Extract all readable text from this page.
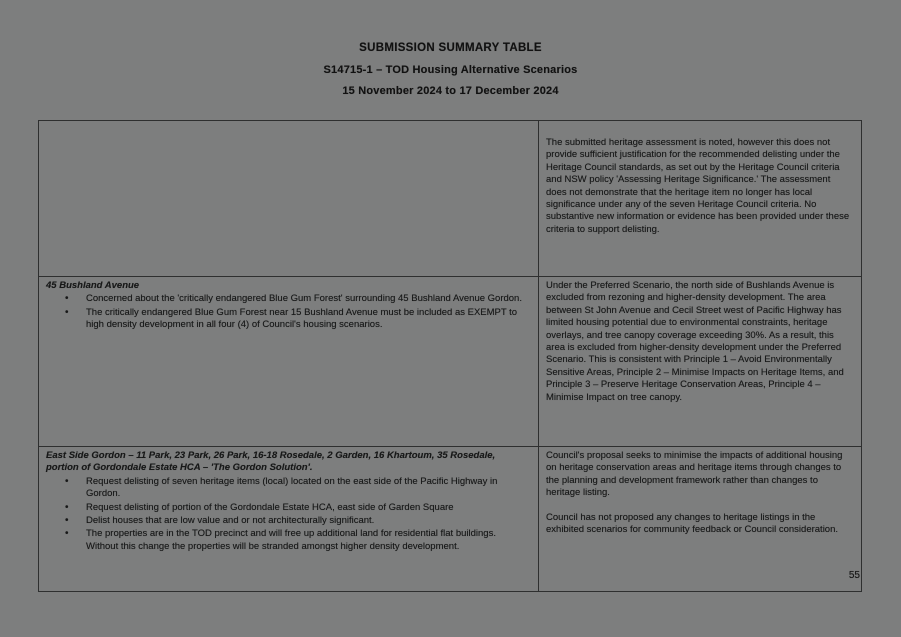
SUBMISSION SUMMARY TABLE
S14715-1 – TOD Housing Alternative Scenarios
15 November 2024 to 17 December 2024

The submitted heritage assessment is noted, however this does not provide sufficient justification for the recommended delisting under the Heritage Council standards, as set out by the Heritage Council criteria and NSW policy 'Assessing Heritage Significance.' The assessment does not demonstrate that the heritage item no longer has local significance under any of the seven Heritage Council criteria. No substantive new information or evidence has been provided under these criteria to support delisting.

45 Bushland Avenue
• Concerned about the 'critically endangered Blue Gum Forest' surrounding 45 Bushland Avenue Gordon.
• The critically endangered Blue Gum Forest near 15 Bushland Avenue must be included as EXEMPT to high density development in all four (4) of Council's housing scenarios.

Under the Preferred Scenario, the north side of Bushlands Avenue is excluded from rezoning and higher-density development. The area between St John Avenue and Cecil Street west of Pacific Highway has limited housing potential due to environmental constraints, heritage overlays, and tree canopy coverage exceeding 30%. As a result, this area is excluded from higher-density development under the Preferred Scenario. This is consistent with Principle 1 – Avoid Environmentally Sensitive Areas, Principle 2 – Minimise Impacts on Heritage Items, and Principle 3 – Preserve Heritage Conservation Areas, Principle 4 – Minimise Impact on tree canopy.

East Side Gordon – 11 Park, 23 Park, 26 Park, 16-18 Rosedale, 2 Garden, 16 Khartoum, 35 Rosedale, portion of Gordondale Estate HCA – 'The Gordon Solution'.
• Request delisting of seven heritage items (local) located on the east side of the Pacific Highway in Gordon.
• Request delisting of portion of the Gordondale Estate HCA, east side of Garden Square
• Delist houses that are low value and or not architecturally significant.
• The properties are in the TOD precinct and will free up additional land for residential flat buildings. Without this change the properties will be stranded amongst higher density development.

Council's proposal seeks to minimise the impacts of additional housing on heritage conservation areas and heritage items through changes to the planning and development framework rather than changes to heritage listing.

Council has not proposed any changes to heritage listings in the exhibited scenarios for community feedback or Council consideration.

55
